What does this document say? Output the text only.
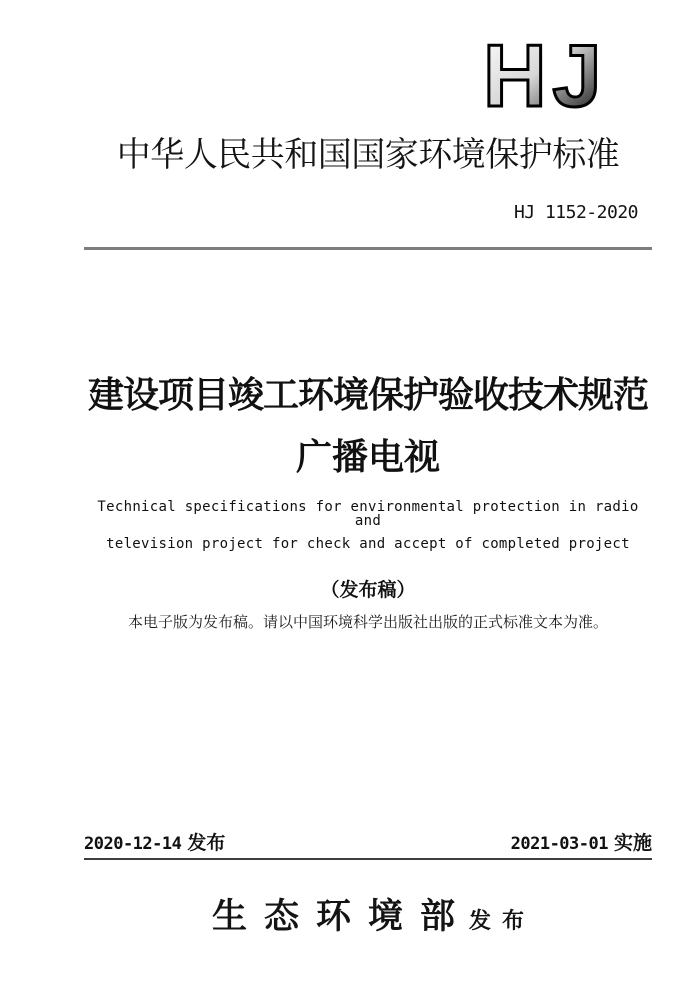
HJ
中华人民共和国国家环境保护标准
HJ 1152-2020
建设项目竣工环境保护验收技术规范
广播电视
Technical specifications for environmental protection in radio and
television project for check and accept of completed project
（发布稿）
本电子版为发布稿。请以中国环境科学出版社出版的正式标准文本为准。
2020-12-14 发布	2021-03-01 实施
生态环境部
发布
